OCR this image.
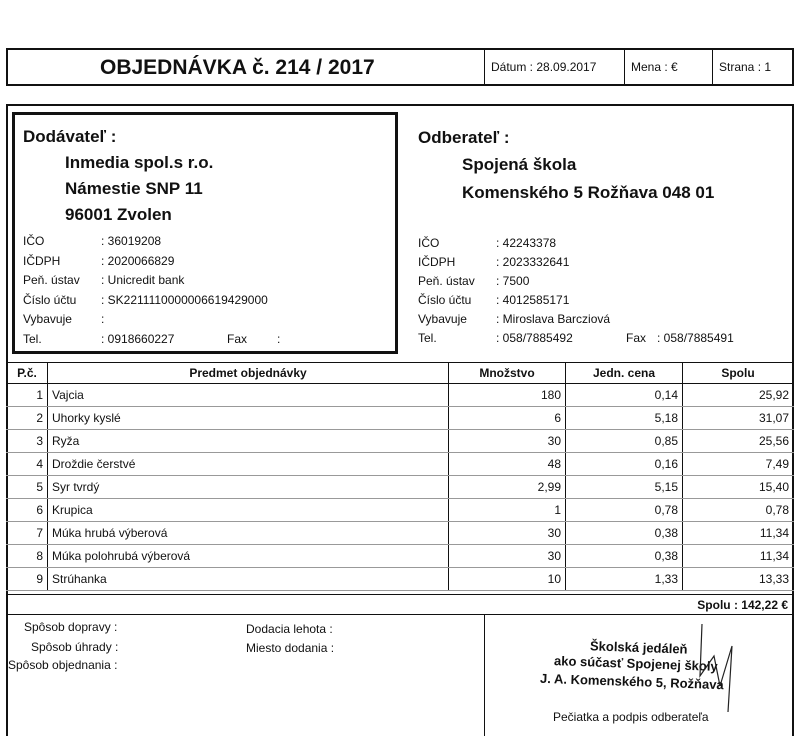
OBJEDNÁVKA č. 214 / 2017	Dátum : 28.09.2017	Mena : €	Strana : 1
Dodávateľ :
Inmedia spol.s r.o.
Námestie SNP 11
96001 Zvolen
IČO	: 36019208
IČDPH	: 2020066829
Peň. ústav : Unicredit bank
Číslo účtu : SK2211110000006619429000
Vybavuje :
Tel.	: 0918660227	Fax :
Odberateľ :
Spojená škola
Komenského 5 Rožňava 048 01
IČO	: 42243378
IČDPH	: 2023332641
Peň. ústav : 7500
Číslo účtu : 4012585171
Vybavuje : Miroslava Barcziová
Tel.	: 058/7885492	Fax : 058/7885491
P.č.	Predmet objednávky	Množstvo	Jedn. cena	Spolu
1	Vajcia	180	0,14	25,92
2	Uhorky kyslé	6	5,18	31,07
3	Ryža	30	0,85	25,56
4	Droždie čerstvé	48	0,16	7,49
5	Syr tvrdý	2,99	5,15	15,40
6	Krupica	1	0,78	0,78
7	Múka hrubá výberová	30	0,38	11,34
8	Múka polohrubá výberová	30	0,38	11,34
9	Strúhanka	10	1,33	13,33
Spolu : 142,22 €
Spôsob dopravy :
Spôsob úhrady :
Spôsob objednania :
Dodacia lehota :
Miesto dodania :	Školská jedáleň
ako súčasť Spojenej školy
J. A. Komenského 5, Rožňava
Pečiatka a podpis odberateľa
